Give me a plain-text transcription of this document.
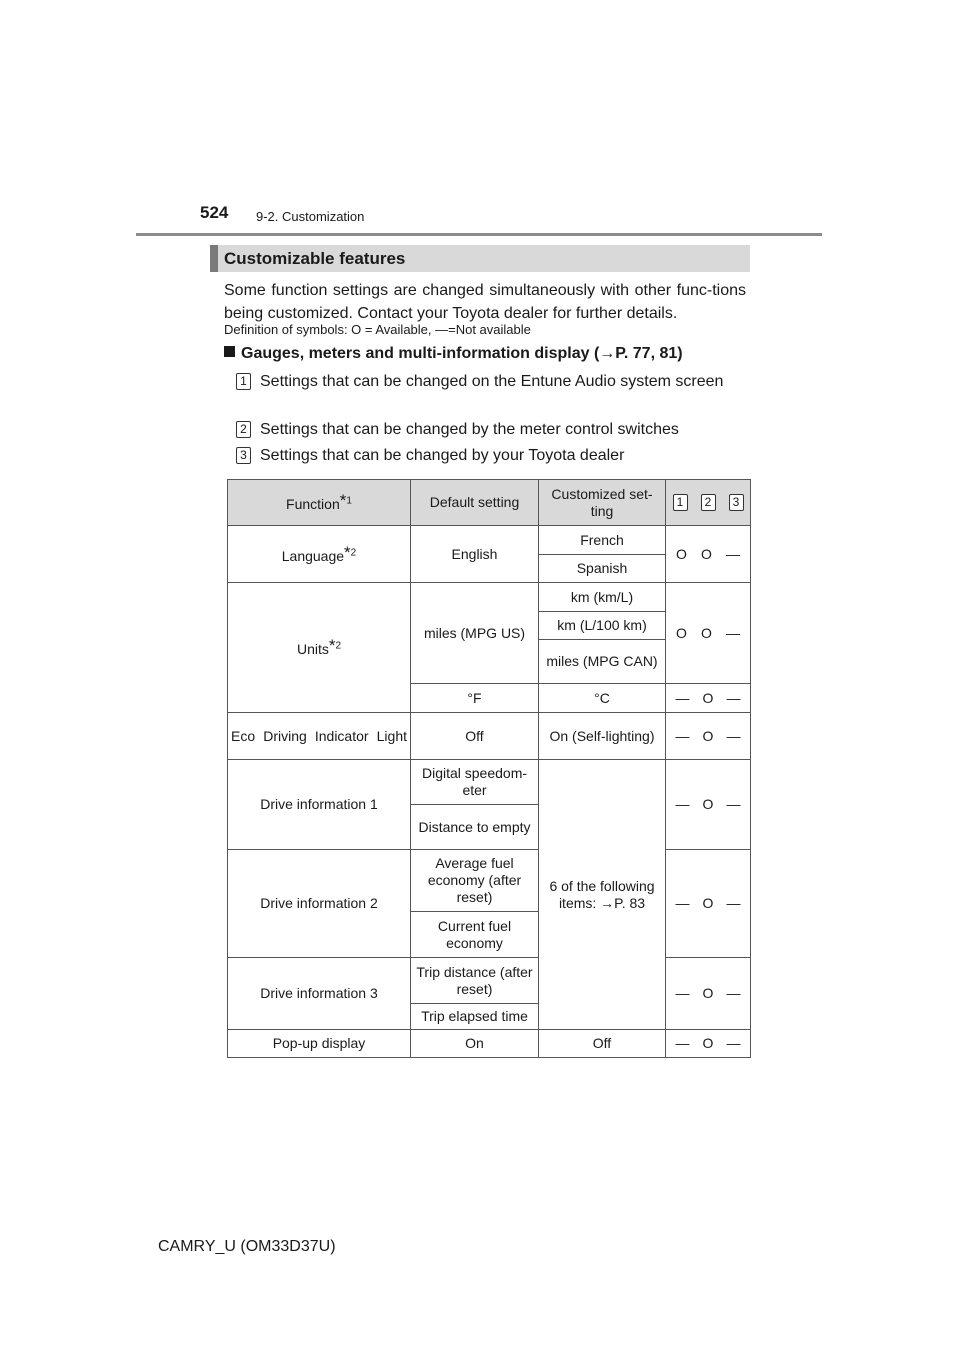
524 9-2. Customization
Customizable features
Some function settings are changed simultaneously with other func-tions being customized. Contact your Toyota dealer for further details.
Definition of symbols: O = Available, —=Not available
Gauges, meters and multi-information display (→P. 77, 81)
1 Settings that can be changed on the Entune Audio system screen
2 Settings that can be changed by the meter control switches
3 Settings that can be changed by your Toyota dealer
Function*$^1$	Default setting	Customized set-ting	1 2 3

Language*$^2$	English	French	O O —

		Spanish	
Units*$^2$	miles (MPG US)	km (km/L)	O O —

		km (L/100 km)	
		miles (MPG CAN)	
	°F	°C	— O —

Eco Driving Indicator Light	Off	On (Self-lighting)	— O —

Drive information 1	Digital speedom-eter	6 of the following items: →P. 83	— O —

	Distance to empty		
Drive information 2	Average fuel economy (after reset)		— O —

	Current fuel economy		
Drive information 3	Trip distance (after reset)		— O —

	Trip elapsed time		
Pop-up display	On	Off	— O —
CAMRY_U (OM33D37U)
